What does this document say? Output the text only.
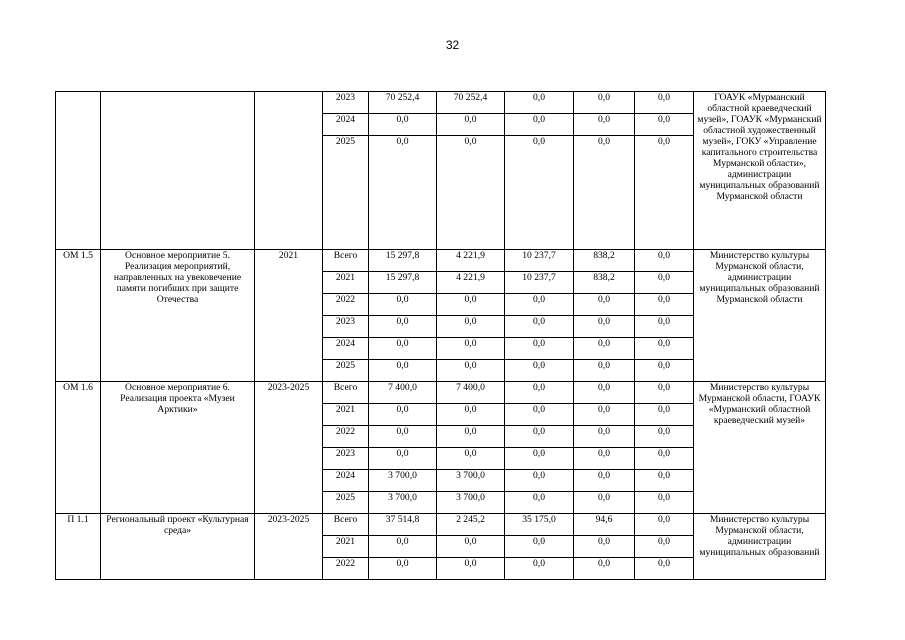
32
			2023	70 252,4	70 252,4	0,0	0,0	0,0	ГОАУК «Мурманский областной краеведческий музей», ГОАУК «Мурманский областной художественный музей», ГОКУ «Управление капитального строительства Мурманской области», администрации муниципальных образований Мурманской области
			2024	0,0	0,0	0,0	0,0	0,0	
			2025	0,0	0,0	0,0	0,0	0,0	
ОМ 1.5	Основное мероприятие 5. Реализация мероприятий, направленных на увековечение памяти погибших при защите Отечества	2021	Всего	15 297,8	4 221,9	10 237,7	838,2	0,0	Министерство культуры Мурманской области, администрации муниципальных образований Мурманской области
			2021	15 297,8	4 221,9	10 237,7	838,2	0,0	
			2022	0,0	0,0	0,0	0,0	0,0	
			2023	0,0	0,0	0,0	0,0	0,0	
			2024	0,0	0,0	0,0	0,0	0,0	
			2025	0,0	0,0	0,0	0,0	0,0	
ОМ 1.6	Основное мероприятие 6. Реализация проекта «Музеи Арктики»	2023-2025	Всего	7 400,0	7 400,0	0,0	0,0	0,0	Министерство культуры Мурманской области, ГОАУК «Мурманский областной краеведческий музей»
			2021	0,0	0,0	0,0	0,0	0,0	
			2022	0,0	0,0	0,0	0,0	0,0	
			2023	0,0	0,0	0,0	0,0	0,0	
			2024	3 700,0	3 700,0	0,0	0,0	0,0	
			2025	3 700,0	3 700,0	0,0	0,0	0,0	
П 1.1	Региональный проект «Культурная среда»	2023-2025	Всего	37 514,8	2 245,2	35 175,0	94,6	0,0	Министерство культуры Мурманской области, администрации муниципальных образований
			2021	0,0	0,0	0,0	0,0	0,0	
			2022	0,0	0,0	0,0	0,0	0,0	
